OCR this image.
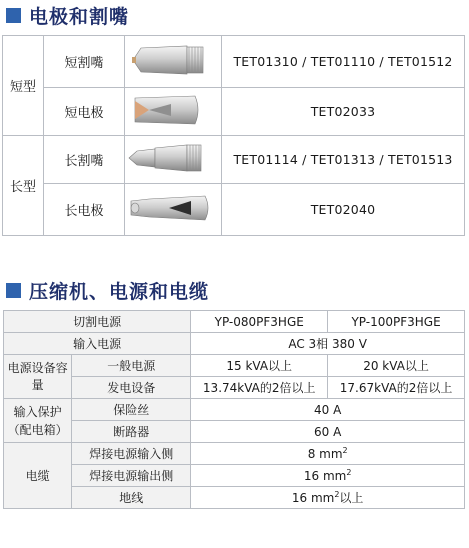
电极和割嘴
短型	短割嘴		TET01310 / TET01110 / TET01512
	短电极		TET02033
长型	长割嘴		TET01114 / TET01313 / TET01513
	长电极		TET02040
压缩机、电源和电缆
切割电源		YP-080PF3HGE	YP-100PF3HGE
输入电源		AC 3相 380 V	
电源设备容量	一般电源	15 kVA以上	20 kVA以上
	发电设备	13.74kVA的2倍以上	17.67kVA的2倍以上

输入保护
（配电箱）	保险丝	40 A	
	断路器	60 A	
电缆	焊接电源输入侧	8 $mm^2$
	焊接电源输出侧	16 $mm^2$
	地线	16 $mm^2$以上	
